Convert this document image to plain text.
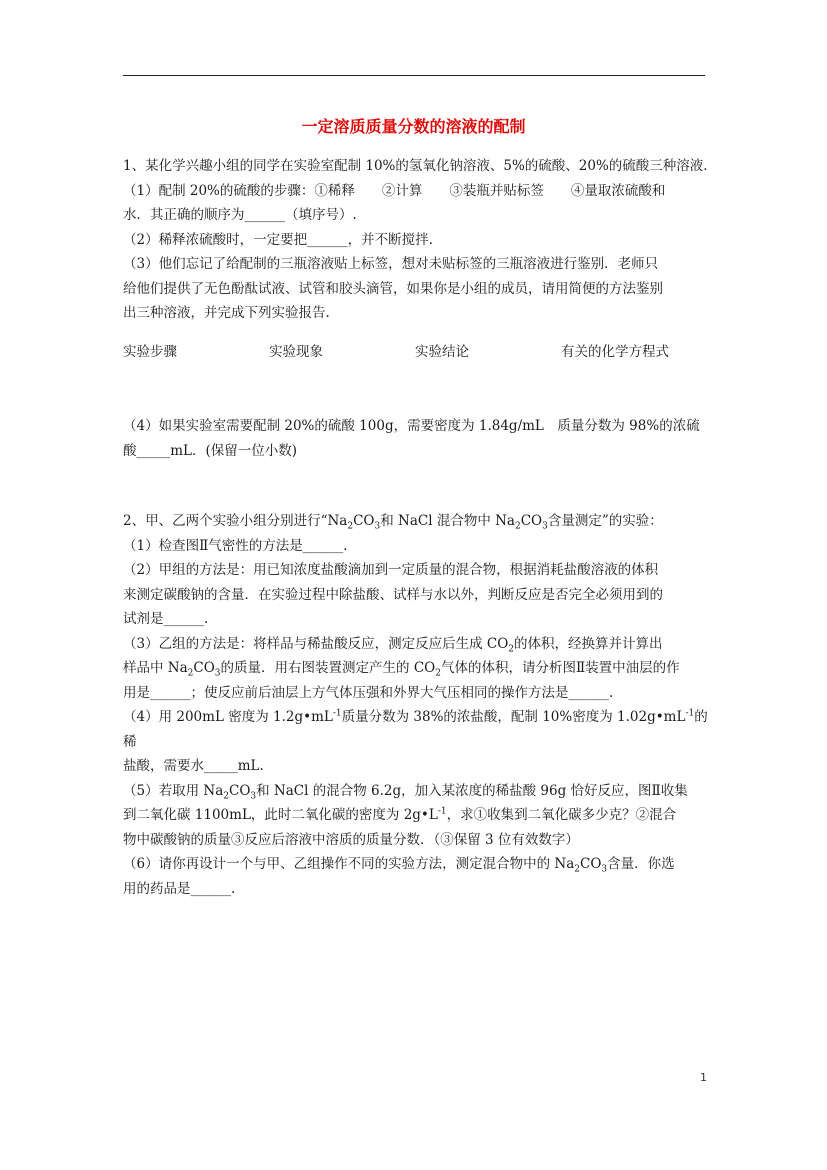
一定溶质质量分数的溶液的配制

1、某化学兴趣小组的同学在实验室配制 10%的氢氧化钠溶液、5%的硫酸、20%的硫酸三种溶液.

（1）配制 20%的硫酸的步骤：①稀释　　②计算　　③装瓶并贴标签　　④量取浓硫酸和

水．其正确的顺序为______（填序号）.

（2）稀释浓硫酸时，一定要把______，并不断搅拌.

（3）他们忘记了给配制的三瓶溶液贴上标签，想对未贴标签的三瓶溶液进行鉴别．老师只

给他们提供了无色酚酞试液、试管和胶头滴管，如果你是小组的成员，请用简便的方法鉴别

出三种溶液，并完成下列实验报告.

实验步骤	实验现象	实验结论	有关的化学方程式

（4）如果实验室需要配制 20%的硫酸 100g，需要密度为 1.84g/mL　质量分数为 98%的浓硫

酸_____mL．(保留一位小数)

2、甲、乙两个实验小组分别进行“$Na_2CO_3$和 NaCl 混合物中 $Na_2CO_3$含量测定”的实验：

（1）检查图Ⅱ气密性的方法是______.

（2）甲组的方法是：用已知浓度盐酸滴加到一定质量的混合物，根据消耗盐酸溶液的体积

来测定碳酸钠的含量．在实验过程中除盐酸、试样与水以外，判断反应是否完全必须用到的

试剂是______.

（3）乙组的方法是：将样品与稀盐酸反应，测定反应后生成 $CO_2$的体积，经换算并计算出

样品中 $Na_2CO_3$的质量．用右图装置测定产生的 $CO_2$气体的体积，请分析图Ⅱ装置中油层的作

用是______；使反应前后油层上方气体压强和外界大气压相同的操作方法是______.

（4）用 200mL 密度为 $1.2g•mL^{-1}$质量分数为 38%的浓盐酸，配制 10%密度为 $1.02g•mL^{-1}$的稀

盐酸，需要水_____mL.

（5）若取用 $Na_2CO_3$和 NaCl 的混合物 6.2g，加入某浓度的稀盐酸 96g 恰好反应，图Ⅱ收集

到二氧化碳 1100mL，此时二氧化碳的密度为 $2g•L^{-1}$，求①收集到二氧化碳多少克？②混合

物中碳酸钠的质量③反应后溶液中溶质的质量分数．（③保留 3 位有效数字）

（6）请你再设计一个与甲、乙组操作不同的实验方法，测定混合物中的 $Na_2CO_3$含量．你选

用的药品是______.

1
